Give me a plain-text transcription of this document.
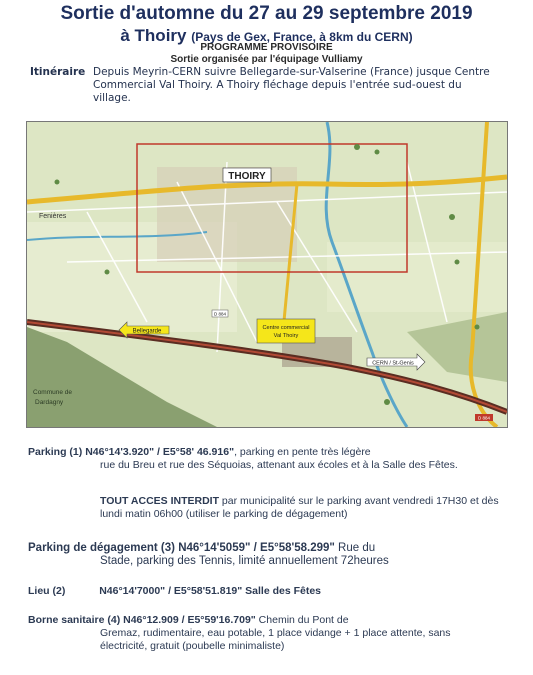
Sortie d'automne du 27 au 29 septembre 2019
à Thoiry (Pays de Gex, France, à 8km du CERN)
PROGRAMME PROVISOIRE
Sortie organisée par l'équipage Vulliamy
Itinéraire Depuis Meyrin-CERN suivre Bellegarde-sur-Valserine (France) jusque Centre Commercial Val Thoiry. A Thoiry fléchage depuis l'entrée sud-ouest du village.
THOIRY
Fenières
Bellegarde
Centre commercial
Val Thoiry
CERN / St-Genis
Commune de
Dardagny
D 884
D 884
Parking (1) N46°14'3.920" / E5°58' 46.916", parking en pente très légère
rue du Breu et rue des Séquoias, attenant aux écoles et à la Salle des Fêtes.
TOUT ACCES INTERDIT par municipalité sur le parking avant vendredi 17H30 et dès lundi matin 06h00 (utiliser le parking de dégagement)
Parking de dégagement (3) N46°14'5059" / E5°58'58.299" Rue du
Stade, parking des Tennis, limité annuellement 72heures
Lieu (2)	N46°14'7000" / E5°58'51.819" Salle des Fêtes
Borne sanitaire (4) N46°12.909 / E5°59'16.709" Chemin du Pont de
Gremaz, rudimentaire, eau potable, 1 place vidange + 1 place attente, sans électricité, gratuit (poubelle minimaliste)
